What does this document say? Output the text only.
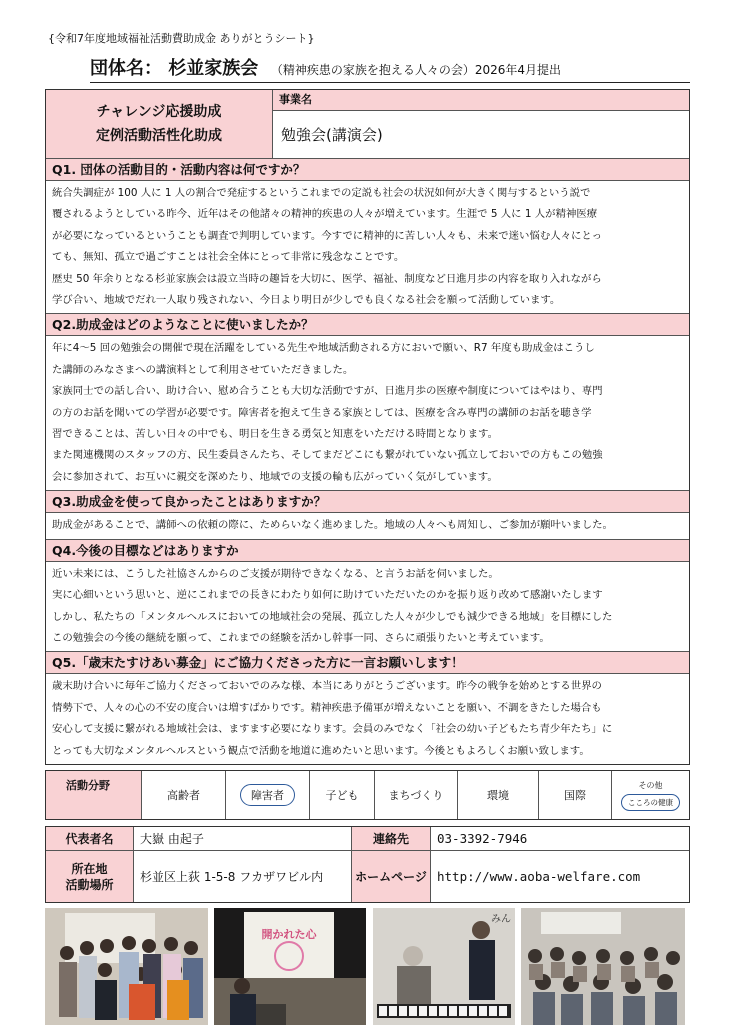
{令和7年度地域福祉活動費助成金 ありがとうシート}
団体名： 杉並家族会 （精神疾患の家族を抱える人々の会）2026年4月提出
チャレンジ応援助成
定例活動活性化助成
事業名
勉強会(講演会)
Q1. 団体の活動目的・活動内容は何ですか？

統合失調症が 100 人に 1 人の割合で発症するというこれまでの定説も社会の状況如何が大きく関与するという説で

覆されるようとしている昨今、近年はその他諸々の精神的疾患の人々が増えています。生涯で 5 人に 1 人が精神医療

が必要になっているということも調査で判明しています。今すでに精神的に苦しい人々も、未来で迷い悩む人々にとっ

ても、無知、孤立で過ごすことは社会全体にとって非常に残念なことです。

歴史 50 年余りとなる杉並家族会は設立当時の趣旨を大切に、医学、福祉、制度など日進月歩の内容を取り入れながら

学び合い、地域でだれ一人取り残されない、今日より明日が少しでも良くなる社会を願って活動しています。

Q2.助成金はどのようなことに使いましたか？

年に4～5 回の勉強会の開催で現在活躍をしている先生や地域活動される方においで願い、R7 年度も助成金はこうし

た講師のみなさまへの講演料として利用させていただきました。

家族同士での話し合い、助け合い、慰め合うことも大切な活動ですが、日進月歩の医療や制度についてはやはり、専門

の方のお話を聞いての学習が必要です。障害者を抱えて生きる家族としては、医療を含み専門の講師のお話を聴き学

習できることは、苦しい日々の中でも、明日を生きる勇気と知恵をいただける時間となります。

また関連機関のスタッフの方、民生委員さんたち、そしてまだどこにも繋がれていない孤立しておいでの方もこの勉強

会に参加されて、お互いに親交を深めたり、地域での支援の輪も広がっていく気がしています。

Q3.助成金を使って良かったことはありますか？

助成金があることで、講師への依頼の際に、ためらいなく進めました。地域の人々へも周知し、ご参加が願叶いました。

Q4.今後の目標などはありますか

近い未来には、こうした社協さんからのご支援が期待できなくなる、と言うお話を伺いました。

実に心細いという思いと、逆にこれまでの長きにわたり如何に助けていただいたのかを振り返り改めて感謝いたします

しかし、私たちの「メンタルヘルスにおいての地域社会の発展、孤立した人々が少しでも減少できる地域」を目標にした

この勉強会の今後の継続を願って、これまでの経験を活かし幹事一同、さらに頑張りたいと考えています。

Q5.「歳末たすけあい募金」にご協力くださった方に一言お願いします！

歳末助け合いに毎年ご協力くださっておいでのみな様、本当にありがとうございます。昨今の戦争を始めとする世界の

情勢下で、人々の心の不安の度合いは増すばかりです。精神疾患予備軍が増えないことを願い、不調をきたした場合も

安心して支援に繋がれる地域社会は、ますます必要になります。会員のみでなく「社会の幼い子どもたち青少年たち」に

とっても大切なメンタルヘルスという観点で活動を地道に進めたいと思います。今後ともよろしくお願い致します。

活動分野
高齢者	障害者	子ども	まちづくり	環境	国際
その他
こころの健康
代表者名	大嶽 由起子	連絡先	03-3392-7946
所在地
活動場所
杉並区上荻 1-5-8 フカザワビル内	ホームページ http://www.aoba-welfare.com
開かれた心
みん
